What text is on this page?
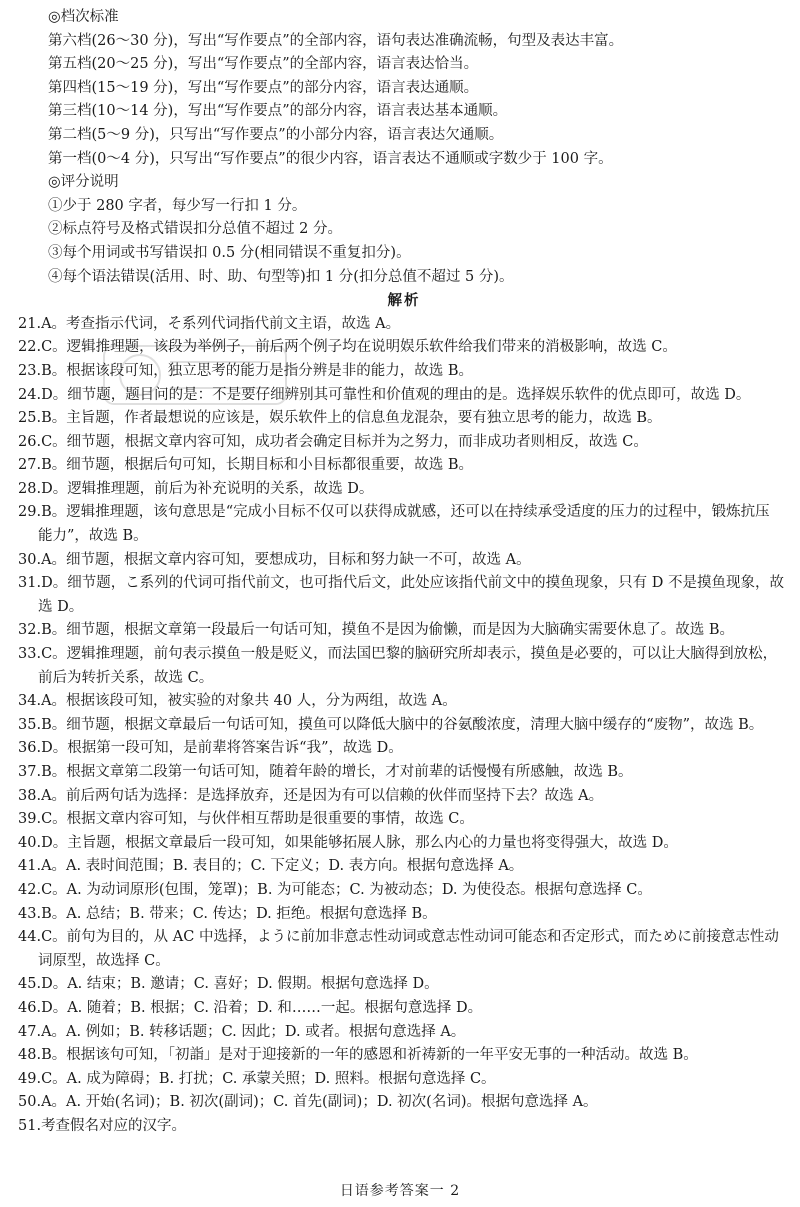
◎档次标准
第六档(26～30 分)，写出“写作要点”的全部内容，语句表达准确流畅，句型及表达丰富。
第五档(20～25 分)，写出“写作要点”的全部内容，语言表达恰当。
第四档(15～19 分)，写出“写作要点”的部分内容，语言表达通顺。
第三档(10～14 分)，写出“写作要点”的部分内容，语言表达基本通顺。
第二档(5～9 分)，只写出“写作要点”的小部分内容，语言表达欠通顺。
第一档(0～4 分)，只写出“写作要点”的很少内容，语言表达不通顺或字数少于 100 字。
◎评分说明
①少于 280 字者，每少写一行扣 1 分。
②标点符号及格式错误扣分总值不超过 2 分。
③每个用词或书写错误扣 0.5 分(相同错误不重复扣分)。
④每个语法错误(活用、时、助、句型等)扣 1 分(扣分总值不超过 5 分)。
解析
21.A。考查指示代词，そ系列代词指代前文主语，故选 A。
22.C。逻辑推理题，该段为举例子，前后两个例子均在说明娱乐软件给我们带来的消极影响，故选 C。
23.B。根据该段可知，独立思考的能力是指分辨是非的能力，故选 B。
24.D。细节题，题目问的是：不是要仔细辨别其可靠性和价值观的理由的是。选择娱乐软件的优点即可，故选 D。
25.B。主旨题，作者最想说的应该是，娱乐软件上的信息鱼龙混杂，要有独立思考的能力，故选 B。
26.C。细节题，根据文章内容可知，成功者会确定目标并为之努力，而非成功者则相反，故选 C。
27.B。细节题，根据后句可知，长期目标和小目标都很重要，故选 B。
28.D。逻辑推理题，前后为补充说明的关系，故选 D。
29.B。逻辑推理题，该句意思是“完成小目标不仅可以获得成就感，还可以在持续承受适度的压力的过程中，锻炼抗压
能力”，故选 B。
30.A。细节题，根据文章内容可知，要想成功，目标和努力缺一不可，故选 A。
31.D。细节题，こ系列的代词可指代前文，也可指代后文，此处应该指代前文中的摸鱼现象，只有 D 不是摸鱼现象，故
选 D。
32.B。细节题，根据文章第一段最后一句话可知，摸鱼不是因为偷懒，而是因为大脑确实需要休息了。故选 B。
33.C。逻辑推理题，前句表示摸鱼一般是贬义，而法国巴黎的脑研究所却表示，摸鱼是必要的，可以让大脑得到放松，
前后为转折关系，故选 C。
34.A。根据该段可知，被实验的对象共 40 人，分为两组，故选 A。
35.B。细节题，根据文章最后一句话可知，摸鱼可以降低大脑中的谷氨酸浓度，清理大脑中缓存的“废物”，故选 B。
36.D。根据第一段可知，是前辈将答案告诉“我”，故选 D。
37.B。根据文章第二段第一句话可知，随着年龄的增长，才对前辈的话慢慢有所感触，故选 B。
38.A。前后两句话为选择：是选择放弃，还是因为有可以信赖的伙伴而坚持下去？故选 A。
39.C。根据文章内容可知，与伙伴相互帮助是很重要的事情，故选 C。
40.D。主旨题，根据文章最后一段可知，如果能够拓展人脉，那么内心的力量也将变得强大，故选 D。
41.A。A. 表时间范围；B. 表目的；C. 下定义；D. 表方向。根据句意选择 A。
42.C。A. 为动词原形(包围，笼罩)；B. 为可能态；C. 为被动态；D. 为使役态。根据句意选择 C。
43.B。A. 总结；B. 带来；C. 传达；D. 拒绝。根据句意选择 B。
44.C。前句为目的，从 AC 中选择，ように前加非意志性动词或意志性动词可能态和否定形式，而ために前接意志性动
词原型，故选择 C。
45.D。A. 结束；B. 邀请；C. 喜好；D. 假期。根据句意选择 D。
46.D。A. 随着；B. 根据；C. 沿着；D. 和……一起。根据句意选择 D。
47.A。A. 例如；B. 转移话题；C. 因此；D. 或者。根据句意选择 A。
48.B。根据该句可知，「初詣」是对于迎接新的一年的感恩和祈祷新的一年平安无事的一种活动。故选 B。
49.C。A. 成为障碍；B. 打扰；C. 承蒙关照；D. 照料。根据句意选择 C。
50.A。A. 开始(名词)；B. 初次(副词)；C. 首先(副词)；D. 初次(名词)。根据句意选择 A。
51.考查假名对应的汉字。
日语参考答案一 2
